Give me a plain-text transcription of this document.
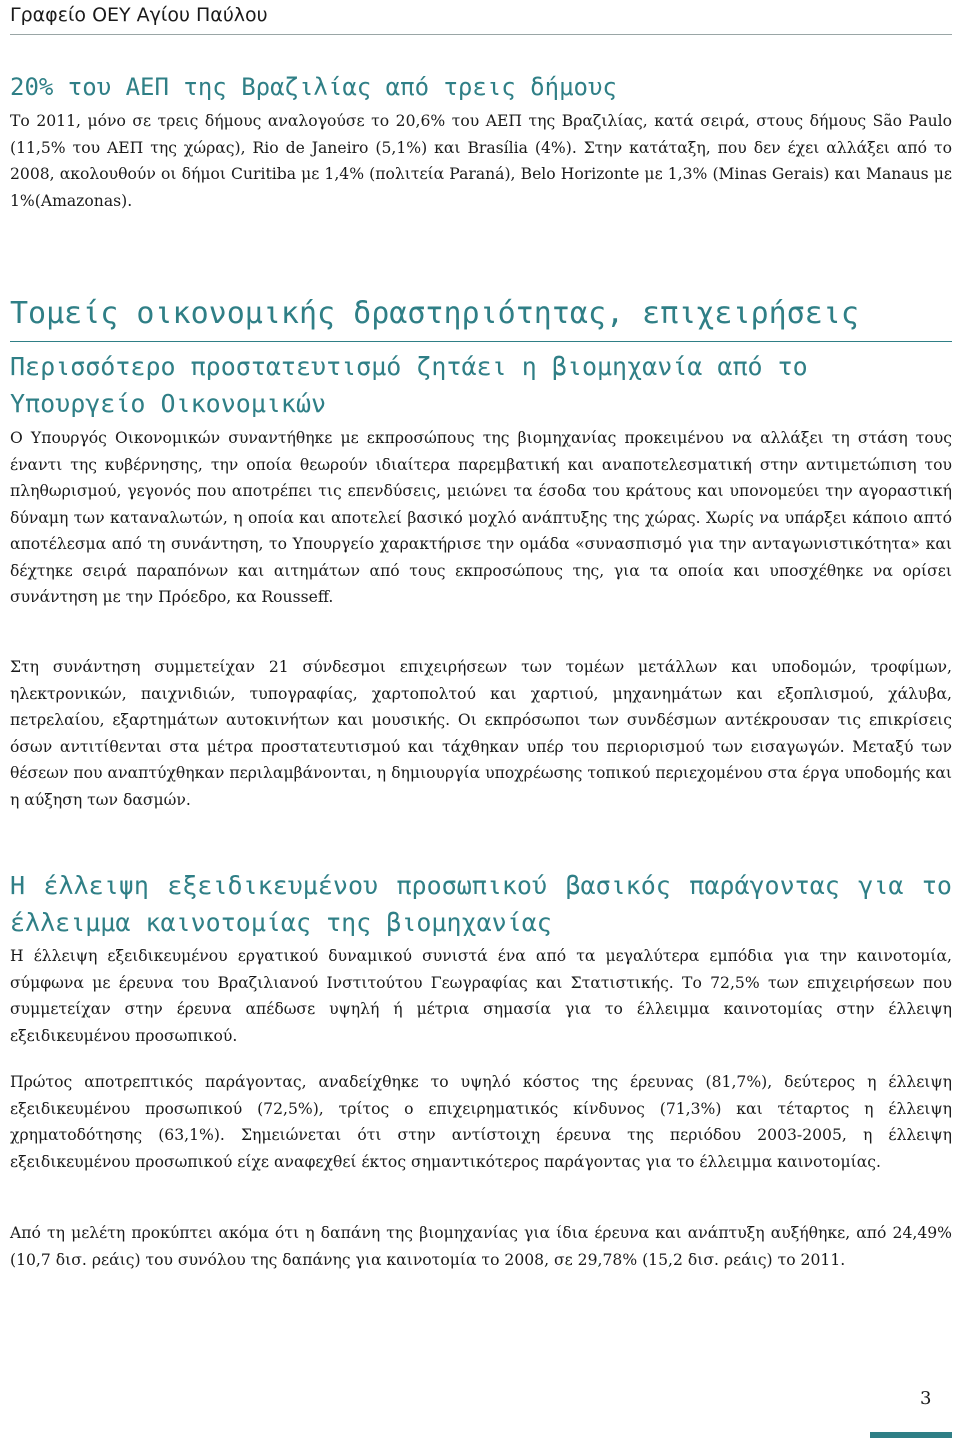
Γραφείο ΟΕΥ Αγίου Παύλου
20% του ΑΕΠ της Βραζιλίας από τρεις δήμους

Το 2011, μόνο σε τρεις δήμους αναλογούσε το 20,6% του ΑΕΠ της Βραζιλίας, κατά σειρά, στους δήμους São Paulo (11,5% του ΑΕΠ της χώρας), Rio de Janeiro (5,1%) και Brasília (4%). Στην κατάταξη, που δεν έχει αλλάξει από το 2008, ακολουθούν οι δήμοι Curitiba με 1,4% (πολιτεία Paraná), Belo Horizonte με 1,3% (Minas Gerais) και Manaus με 1%(Amazonas).

Τομείς οικονομικής δραστηριότητας, επιχειρήσεις
Περισσότερο προστατευτισμό ζητάει η βιομηχανία από το Υπουργείο Οικονομικών

Ο Υπουργός Οικονομικών συναντήθηκε με εκπροσώπους της βιομηχανίας προκειμένου να αλλάξει τη στάση τους έναντι της κυβέρνησης, την οποία θεωρούν ιδιαίτερα παρεμβατική και αναποτελεσματική στην αντιμετώπιση του πληθωρισμού, γεγονός που αποτρέπει τις επενδύσεις, μειώνει τα έσοδα του κράτους και υπονομεύει την αγοραστική δύναμη των καταναλωτών, η οποία και αποτελεί βασικό μοχλό ανάπτυξης της χώρας. Χωρίς να υπάρξει κάποιο απτό αποτέλεσμα από τη συνάντηση, το Υπουργείο χαρακτήρισε την ομάδα «συνασπισμό για την ανταγωνιστικότητα» και δέχτηκε σειρά παραπόνων και αιτημάτων από τους εκπροσώπους της, για τα οποία και υποσχέθηκε να ορίσει συνάντηση με την Πρόεδρο, κα Rousseff.

Στη συνάντηση συμμετείχαν 21 σύνδεσμοι επιχειρήσεων των τομέων μετάλλων και υποδομών, τροφίμων, ηλεκτρονικών, παιχνιδιών, τυπογραφίας, χαρτοπολτού και χαρτιού, μηχανημάτων και εξοπλισμού, χάλυβα, πετρελαίου, εξαρτημάτων αυτοκινήτων και μουσικής. Οι εκπρόσωποι των συνδέσμων αντέκρουσαν τις επικρίσεις όσων αντιτίθενται στα μέτρα προστατευτισμού και τάχθηκαν υπέρ του περιορισμού των εισαγωγών. Μεταξύ των θέσεων που αναπτύχθηκαν περιλαμβάνονται, η δημιουργία υποχρέωσης τοπικού περιεχομένου στα έργα υποδομής και η αύξηση των δασμών.

Η έλλειψη εξειδικευμένου προσωπικού βασικός παράγοντας για το έλλειμμα καινοτομίας της βιομηχανίας

Η έλλειψη εξειδικευμένου εργατικού δυναμικού συνιστά ένα από τα μεγαλύτερα εμπόδια για την καινοτομία, σύμφωνα με έρευνα του Βραζιλιανού Ινστιτούτου Γεωγραφίας και Στατιστικής. Το 72,5% των επιχειρήσεων που συμμετείχαν στην έρευνα απέδωσε υψηλή ή μέτρια σημασία για το έλλειμμα καινοτομίας στην έλλειψη εξειδικευμένου προσωπικού.

Πρώτος αποτρεπτικός παράγοντας, αναδείχθηκε το υψηλό κόστος της έρευνας (81,7%), δεύτερος η έλλειψη εξειδικευμένου προσωπικού (72,5%), τρίτος ο επιχειρηματικός κίνδυνος (71,3%) και τέταρτος η έλλειψη χρηματοδότησης (63,1%). Σημειώνεται ότι στην αντίστοιχη έρευνα της περιόδου 2003-2005, η έλλειψη εξειδικευμένου προσωπικού είχε αναφεχθεί έκτος σημαντικότερος παράγοντας για το έλλειμμα καινοτομίας.

Από τη μελέτη προκύπτει ακόμα ότι η δαπάνη της βιομηχανίας για ίδια έρευνα και ανάπτυξη αυξήθηκε, από 24,49% (10,7 δισ. ρεάις) του συνόλου της δαπάνης για καινοτομία το 2008, σε 29,78% (15,2 δισ. ρεάις) το 2011.

3
